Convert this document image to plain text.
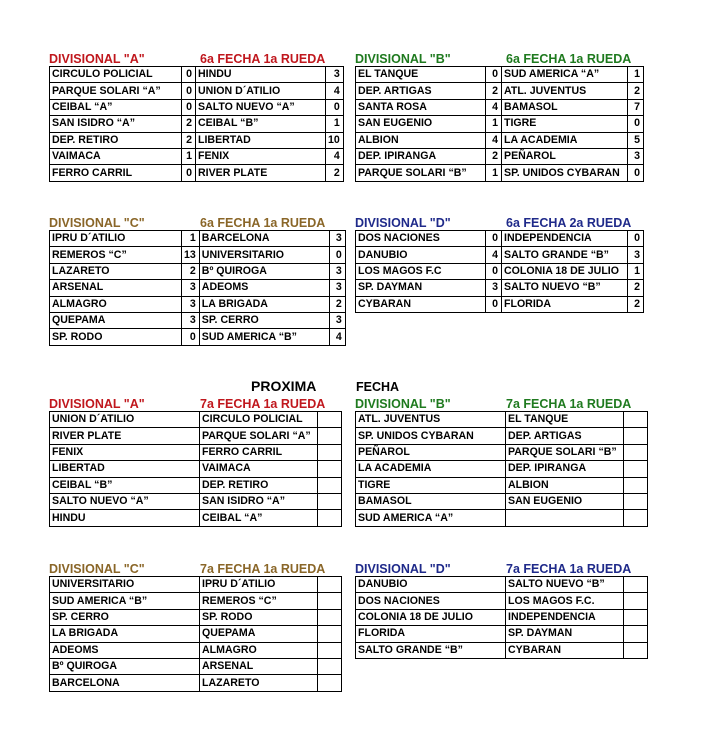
DIVISIONAL "A"	6a FECHA 1a RUEDA
CIRCULO POLICIAL	0	HINDU	3
PARQUE SOLARI “A”	0	UNION D´ATILIO	4
CEIBAL “A”	0	SALTO NUEVO “A”	0
SAN ISIDRO “A”	2	CEIBAL “B”	1
DEP. RETIRO	2	LIBERTAD	10
VAIMACA	1	FENIX	4
FERRO CARRIL	0	RIVER PLATE	2
DIVISIONAL "B"	6a FECHA 1a RUEDA
EL TANQUE	0	SUD AMERICA “A”	1
DEP. ARTIGAS	2	ATL. JUVENTUS	2
SANTA ROSA	4	BAMASOL	7
SAN EUGENIO	1	TIGRE	0
ALBION	4	LA ACADEMIA	5
DEP. IPIRANGA	2	PEÑAROL	3
PARQUE SOLARI “B”	1	SP. UNIDOS CYBARAN	0
DIVISIONAL "C"	6a FECHA 1a RUEDA
IPRU D´ATILIO	1	BARCELONA	3
REMEROS “C”	13	UNIVERSITARIO	0
LAZARETO	2	Bº QUIROGA	3
ARSENAL	3	ADEOMS	3
ALMAGRO	3	LA BRIGADA	2
QUEPAMA	3	SP. CERRO	3
SP. RODO	0	SUD AMERICA “B”	4
DIVISIONAL "D"	6a FECHA 2a RUEDA
DOS NACIONES	0	INDEPENDENCIA	0
DANUBIO	4	SALTO GRANDE “B”	3
LOS MAGOS F.C	0	COLONIA 18 DE JULIO	1
SP. DAYMAN	3	SALTO NUEVO “B”	2
CYBARAN	0	FLORIDA	2
PROXIMA	FECHA
DIVISIONAL "A"	7a FECHA 1a RUEDA
UNION D´ATILIO	CIRCULO POLICIAL	
RIVER PLATE	PARQUE SOLARI “A”	
FENIX	FERRO CARRIL	
LIBERTAD	VAIMACA	
CEIBAL “B”	DEP. RETIRO	
SALTO NUEVO “A”	SAN ISIDRO “A”	
HINDU	CEIBAL “A”	
DIVISIONAL "B"	7a FECHA 1a RUEDA
ATL. JUVENTUS	EL TANQUE	
SP. UNIDOS CYBARAN	DEP. ARTIGAS	
PEÑAROL	PARQUE SOLARI “B”	
LA ACADEMIA	DEP. IPIRANGA	
TIGRE	ALBION	
BAMASOL	SAN EUGENIO	
SUD AMERICA “A”		
DIVISIONAL "C"	7a FECHA 1a RUEDA
UNIVERSITARIO	IPRU D´ATILIO	
SUD AMERICA “B”	REMEROS “C”	
SP. CERRO	SP. RODO	
LA BRIGADA	QUEPAMA	
ADEOMS	ALMAGRO	
Bº QUIROGA	ARSENAL	
BARCELONA	LAZARETO	
DIVISIONAL "D"	7a FECHA 1a RUEDA
DANUBIO	SALTO NUEVO “B”	
DOS NACIONES	LOS MAGOS F.C.	
COLONIA 18 DE JULIO	INDEPENDENCIA	
FLORIDA	SP. DAYMAN	
SALTO GRANDE “B”	CYBARAN	
